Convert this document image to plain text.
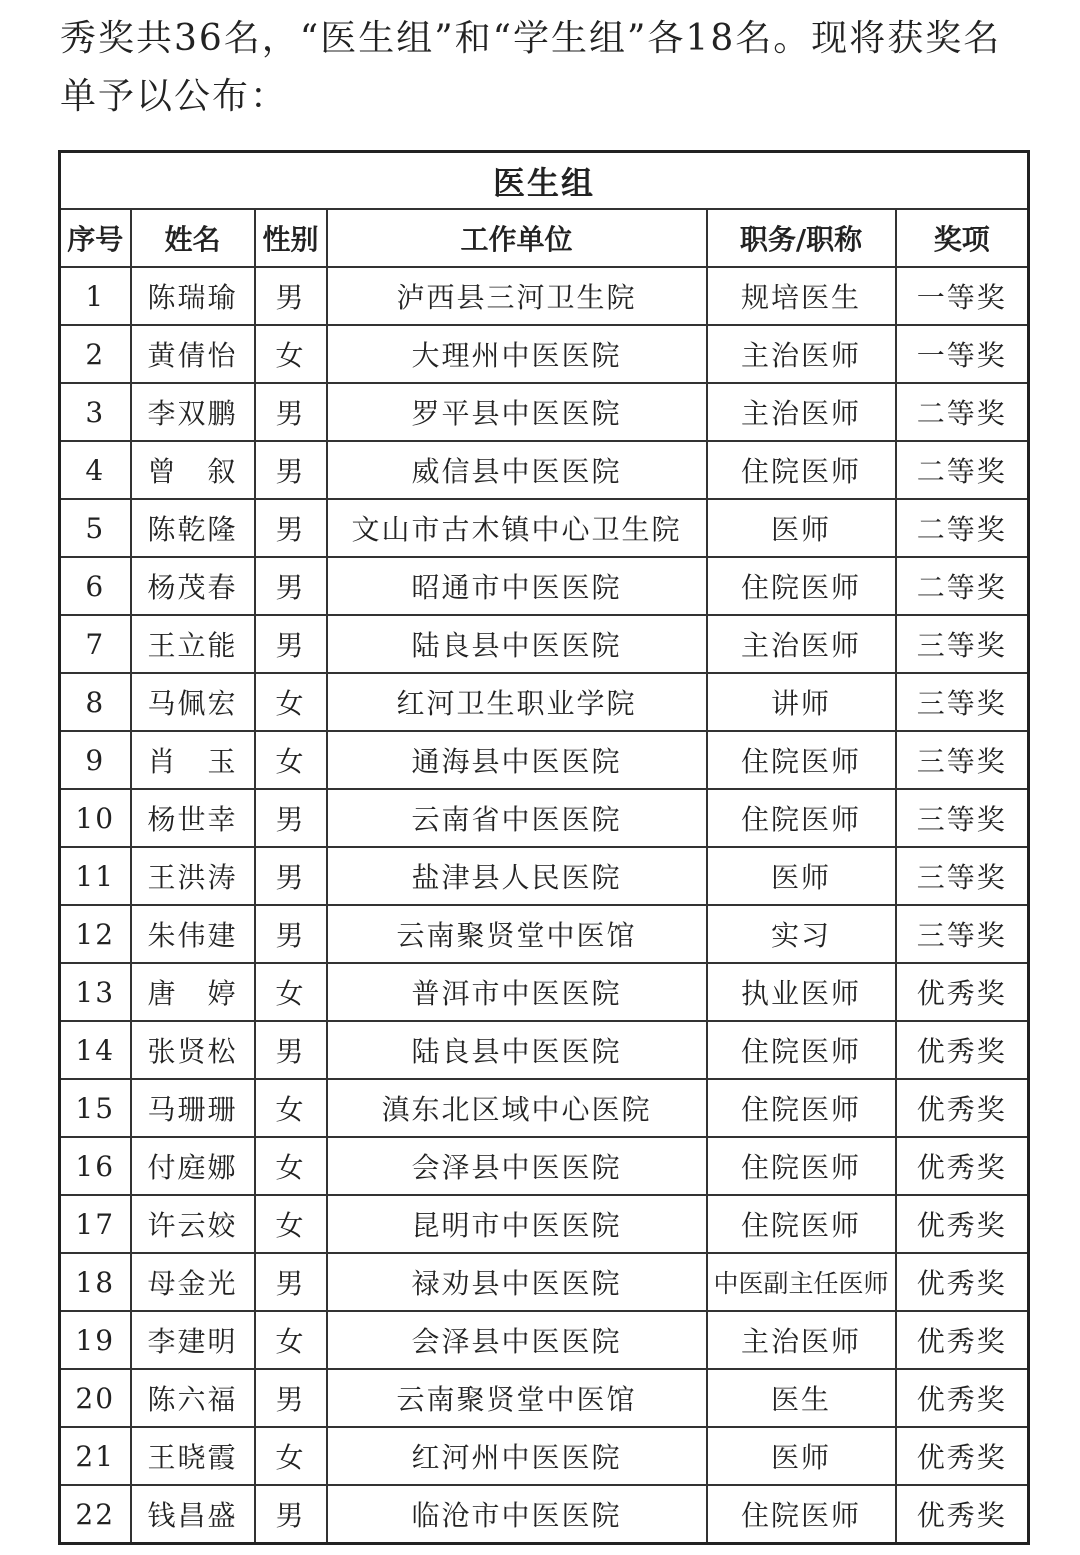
秀奖共36名，“医生组”和“学生组”各18名。现将获奖名
单予以公布：
医生组					
序号	姓名	性别	工作单位	职务/职称	奖项
1	陈瑞瑜	男	泸西县三河卫生院	规培医生	一等奖
2	黄倩怡	女	大理州中医医院	主治医师	一等奖
3	李双鹏	男	罗平县中医医院	主治医师	二等奖
4	曾　叙	男	威信县中医医院	住院医师	二等奖
5	陈乾隆	男	文山市古木镇中心卫生院	医师	二等奖
6	杨茂春	男	昭通市中医医院	住院医师	二等奖
7	王立能	男	陆良县中医医院	主治医师	三等奖
8	马佩宏	女	红河卫生职业学院	讲师	三等奖
9	肖　玉	女	通海县中医医院	住院医师	三等奖
10	杨世幸	男	云南省中医医院	住院医师	三等奖
11	王洪涛	男	盐津县人民医院	医师	三等奖
12	朱伟建	男	云南聚贤堂中医馆	实习	三等奖
13	唐　婷	女	普洱市中医医院	执业医师	优秀奖
14	张贤松	男	陆良县中医医院	住院医师	优秀奖
15	马珊珊	女	滇东北区域中心医院	住院医师	优秀奖
16	付庭娜	女	会泽县中医医院	住院医师	优秀奖
17	许云姣	女	昆明市中医医院	住院医师	优秀奖
18	母金光	男	禄劝县中医医院	中医副主任医师	优秀奖
19	李建明	女	会泽县中医医院	主治医师	优秀奖
20	陈六福	男	云南聚贤堂中医馆	医生	优秀奖
21	王晓霞	女	红河州中医医院	医师	优秀奖
22	钱昌盛	男	临沧市中医医院	住院医师	优秀奖
